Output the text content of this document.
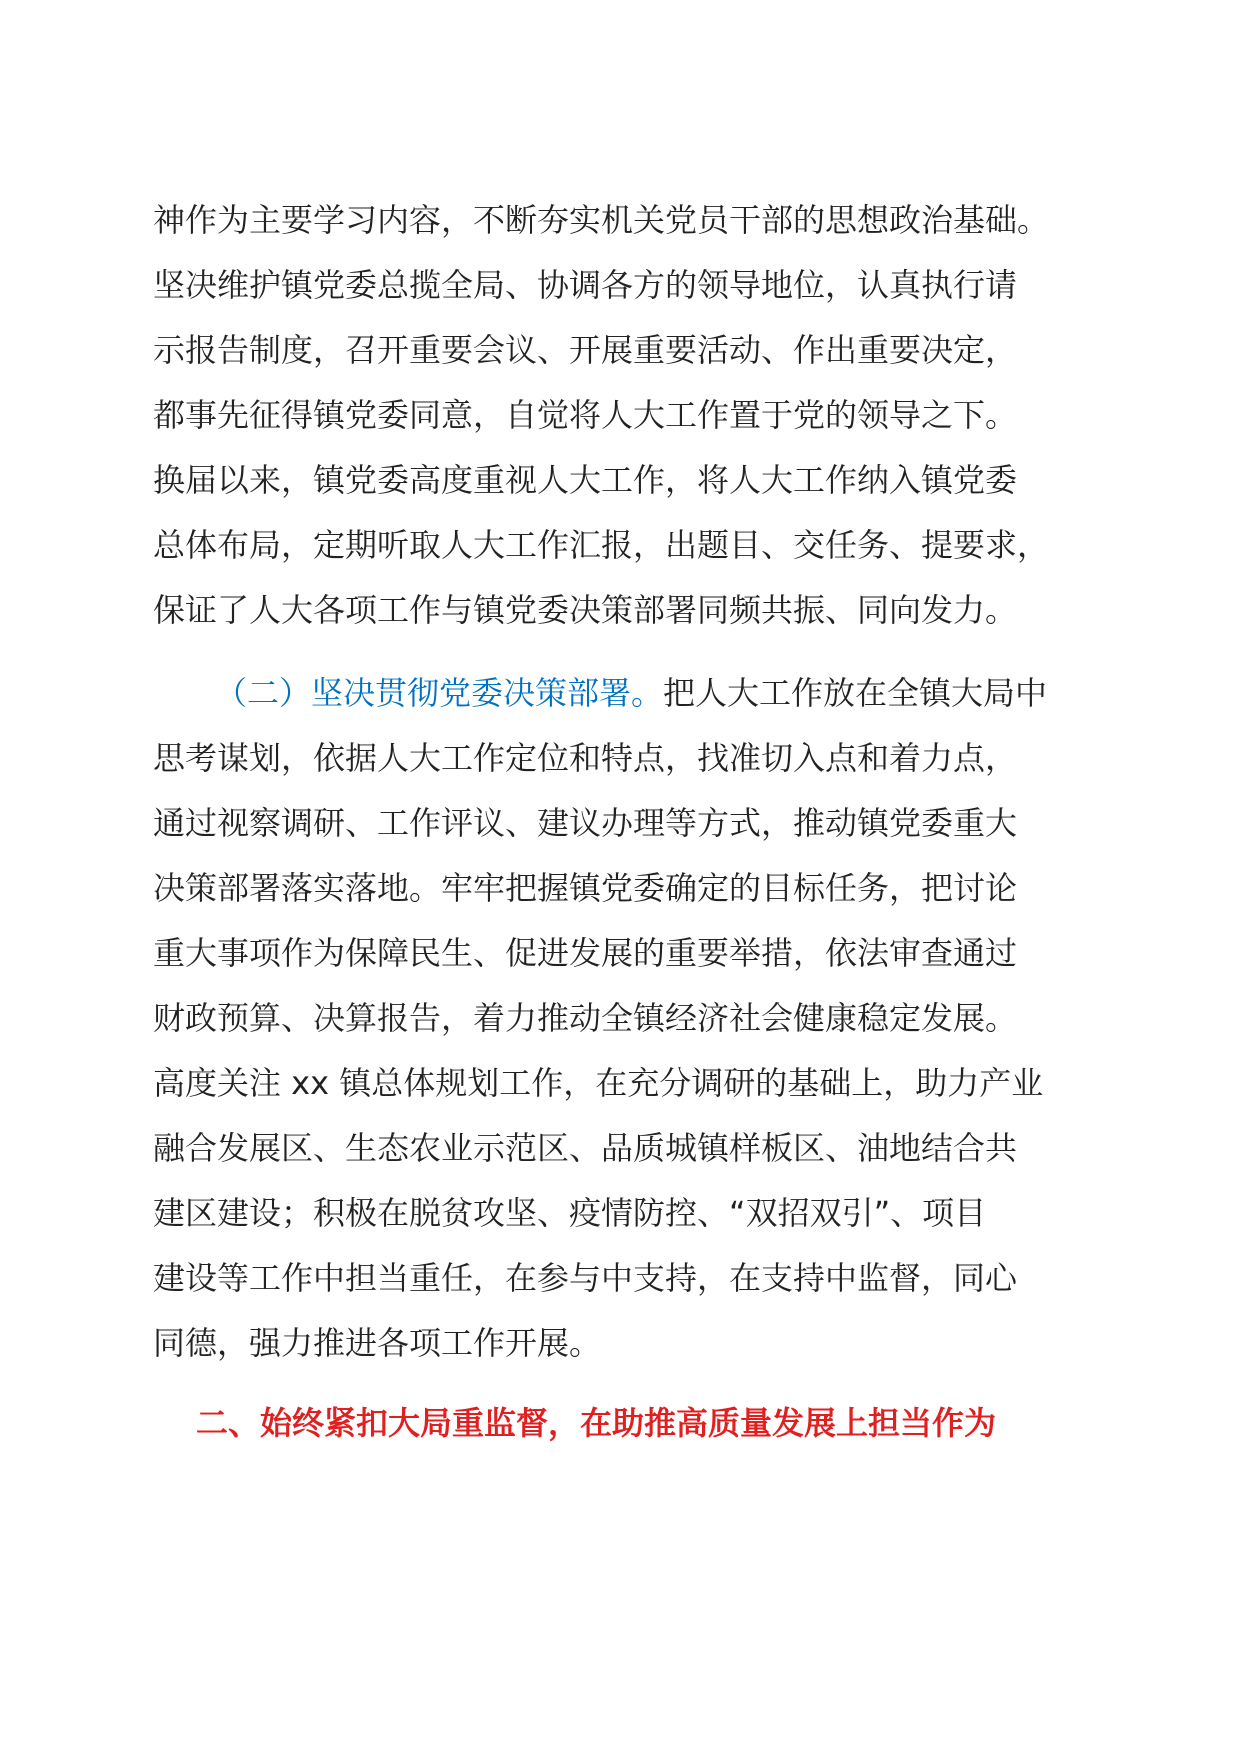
神作为主要学习内容，不断夯实机关党员干部的思想政治基础。
坚决维护镇党委总揽全局、协调各方的领导地位，认真执行请
示报告制度，召开重要会议、开展重要活动、作出重要决定，
都事先征得镇党委同意，自觉将人大工作置于党的领导之下。
换届以来，镇党委高度重视人大工作，将人大工作纳入镇党委
总体布局，定期听取人大工作汇报，出题目、交任务、提要求，
保证了人大各项工作与镇党委决策部署同频共振、同向发力。
（二）坚决贯彻党委决策部署。把人大工作放在全镇大局中
思考谋划，依据人大工作定位和特点，找准切入点和着力点，
通过视察调研、工作评议、建议办理等方式，推动镇党委重大
决策部署落实落地。牢牢把握镇党委确定的目标任务，把讨论
重大事项作为保障民生、促进发展的重要举措，依法审查通过
财政预算、决算报告，着力推动全镇经济社会健康稳定发展。
高度关注 xx 镇总体规划工作，在充分调研的基础上，助力产业
融合发展区、生态农业示范区、品质城镇样板区、油地结合共
建区建设；积极在脱贫攻坚、疫情防控、“双招双引”、项目
建设等工作中担当重任，在参与中支持，在支持中监督，同心
同德，强力推进各项工作开展。
二、始终紧扣大局重监督，在助推高质量发展上担当作为
